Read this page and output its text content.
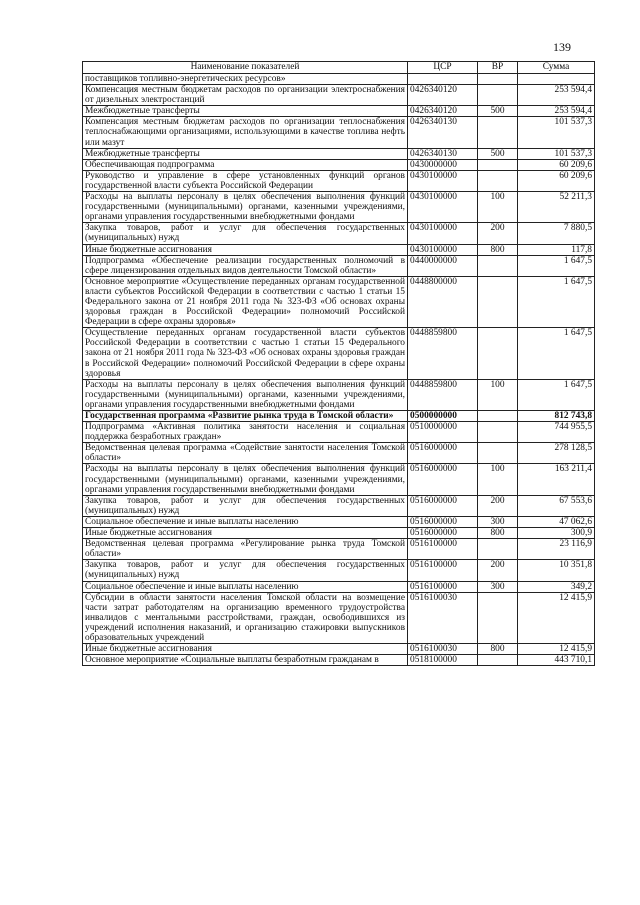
139
Наименование показателей	ЦСР	ВР	Сумма
поставщиков топливно-энергетических ресурсов»			
Компенсация местным бюджетам расходов по организации электроснабжения от дизельных электростанций	0426340120		253 594,4
Межбюджетные трансферты	0426340120	500	253 594,4
Компенсация местным бюджетам расходов по организации теплоснабжения теплоснабжающими организациями, использующими в качестве топлива нефть или мазут	0426340130		101 537,3
Межбюджетные трансферты	0426340130	500	101 537,3
Обеспечивающая подпрограмма	0430000000		60 209,6
Руководство и управление в сфере установленных функций органов государственной власти субъекта Российской Федерации	0430100000		60 209,6
Расходы на выплаты персоналу в целях обеспечения выполнения функций государственными (муниципальными) органами, казенными учреждениями, органами управления государственными внебюджетными фондами	0430100000	100	52 211,3
Закупка товаров, работ и услуг для обеспечения государственных (муниципальных) нужд	0430100000	200	7 880,5
Иные бюджетные ассигнования	0430100000	800	117,8
Подпрограмма «Обеспечение реализации государственных полномочий в сфере лицензирования отдельных видов деятельности Томской области»	0440000000		1 647,5
Основное мероприятие «Осуществление переданных органам государственной власти субъектов Российской Федерации в соответствии с частью 1 статьи 15 Федерального закона от 21 ноября 2011 года № 323-ФЗ «Об основах охраны здоровья граждан в Российской Федерации» полномочий Российской Федерации в сфере охраны здоровья»	0448800000		1 647,5
Осуществление переданных органам государственной власти субъектов Российской Федерации в соответствии с частью 1 статьи 15 Федерального закона от 21 ноября 2011 года № 323-ФЗ «Об основах охраны здоровья граждан в Российской Федерации» полномочий Российской Федерации в сфере охраны здоровья	0448859800		1 647,5
Расходы на выплаты персоналу в целях обеспечения выполнения функций государственными (муниципальными) органами, казенными учреждениями, органами управления государственными внебюджетными фондами	0448859800	100	1 647,5
Государственная программа «Развитие рынка труда в Томской области»	0500000000		812 743,8
Подпрограмма «Активная политика занятости населения и социальная поддержка безработных граждан»	0510000000		744 955,5
Ведомственная целевая программа «Содействие занятости населения Томской области»	0516000000		278 128,5
Расходы на выплаты персоналу в целях обеспечения выполнения функций государственными (муниципальными) органами, казенными учреждениями, органами управления государственными внебюджетными фондами	0516000000	100	163 211,4
Закупка товаров, работ и услуг для обеспечения государственных (муниципальных) нужд	0516000000	200	67 553,6
Социальное обеспечение и иные выплаты населению	0516000000	300	47 062,6
Иные бюджетные ассигнования	0516000000	800	300,9
Ведомственная целевая программа «Регулирование рынка труда Томской области»	0516100000		23 116,9
Закупка товаров, работ и услуг для обеспечения государственных (муниципальных) нужд	0516100000	200	10 351,8
Социальное обеспечение и иные выплаты населению	0516100000	300	349,2
Субсидии в области занятости населения Томской области на возмещение части затрат работодателям на организацию временного трудоустройства инвалидов с ментальными расстройствами, граждан, освободившихся из учреждений исполнения наказаний, и организацию стажировки выпускников образовательных учреждений	0516100030		12 415,9
Иные бюджетные ассигнования	0516100030	800	12 415,9
Основное мероприятие «Социальные выплаты безработным гражданам в	0518100000		443 710,1
